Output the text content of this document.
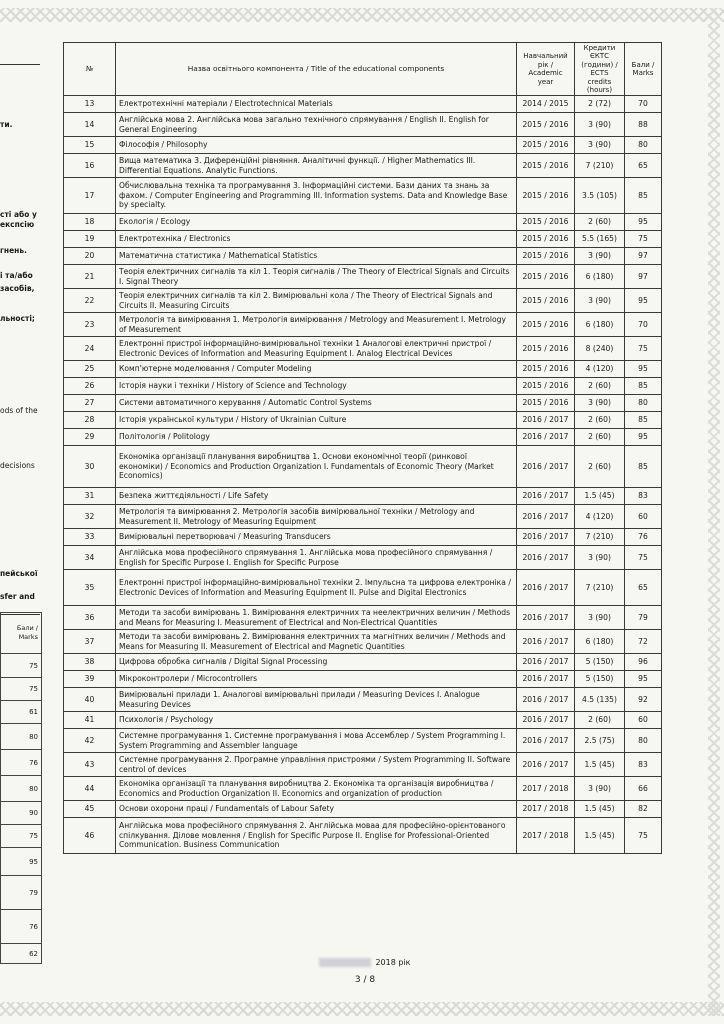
ти.
сті або у
експсію
гнень.
і та/або
засобів,
льності;
ods of the
decisions
пейської
sfer and
Бали / Marks
75
75
61
80
76
80
90
75
95
79
76
62
№	Назва освітнього компонента / Title of the educational components	Навчальний рік / Academic year	Кредити ЄКТС (години) / ECTS credits (hours)	Бали / Marks
13	Електротехнічні матеріали / Electrotechnical Materials	2014 / 2015	2 (72)	70
14	Англійська мова 2. Англійська мова загально технічного спрямування / English II. English for General Engineering	2015 / 2016	3 (90)	88
15	Філософія / Philosophy	2015 / 2016	3 (90)	80
16	Вища математика 3. Диференційні рівняння. Аналітичні функції. / Higher Mathematics III. Differential Equations. Analytic Functions.	2015 / 2016	7 (210)	65
17	Обчислювальна техніка та програмування 3. Інформаційні системи. Бази даних та знань за фахом. / Computer Engineering and Programming III. Information systems. Data and Knowledge Base by specialty.	2015 / 2016	3.5 (105)	85
18	Екологія / Ecology	2015 / 2016	2 (60)	95
19	Електротехніка / Electronics	2015 / 2016	5.5 (165)	75
20	Математична статистика / Mathematical Statistics	2015 / 2016	3 (90)	97
21	Теорія електричних сигналів та кіл 1. Теорія сигналів / The Theory of Electrical Signals and Circuits I. Signal Theory	2015 / 2016	6 (180)	97
22	Теорія електричних сигналів та кіл 2. Вимірювальні кола / The Theory of Electrical Signals and Circuits II. Measuring Circuits	2015 / 2016	3 (90)	95
23	Метрологія та вимірювання 1. Метрологія вимірювання / Metrology and Measurement I. Metrology of Measurement	2015 / 2016	6 (180)	70
24	Електронні пристрої інформаційно-вимірювальної техніки 1 Аналогові електричні пристрої / Electronic Devices of Information and Measuring Equipment I. Analog Electrical Devices	2015 / 2016	8 (240)	75
25	Комп'ютерне моделювання / Computer Modeling	2015 / 2016	4 (120)	95
26	Історія науки і техніки / History of Science and Technology	2015 / 2016	2 (60)	85
27	Системи автоматичного керування / Automatic Control Systems	2015 / 2016	3 (90)	80
28	Історія української культури / History of Ukrainian Culture	2016 / 2017	2 (60)	85
29	Політологія / Politology	2016 / 2017	2 (60)	95
30	Економіка організації планування виробництва 1. Основи економічної теорії (ринкової економіки) / Economics and Production Organization I. Fundamentals of Economic Theory (Market Economics)	2016 / 2017	2 (60)	85
31	Безпека життєдіяльності / Life Safety	2016 / 2017	1.5 (45)	83
32	Метрологія та вимірювання 2. Метрологія засобів вимірювальної техніки / Metrology and Measurement II. Metrology of Measuring Equipment	2016 / 2017	4 (120)	60
33	Вимірювальні перетворювачі / Measuring Transducers	2016 / 2017	7 (210)	76
34	Англійська мова професійного спрямування 1. Англійська мова професійного спрямування / English for Specific Purpose I. English for Specific Purpose	2016 / 2017	3 (90)	75
35	Електронні пристрої інформаційно-вимірювальної техніки 2. Імпульсна та цифрова електроніка / Electronic Devices of Information and Measuring Equipment II. Pulse and Digital Electronics	2016 / 2017	7 (210)	65
36	Методи та засоби вимірювань 1. Вимірювання електричних та неелектричних величин / Methods and Means for Measuring I. Measurement of Electrical and Non-Electrical Quantities	2016 / 2017	3 (90)	79
37	Методи та засоби вимірювань 2. Вимірювання електричних та магнітних величин / Methods and Means for Measuring II. Measurement of Electrical and Magnetic Quantities	2016 / 2017	6 (180)	72
38	Цифрова обробка сигналів / Digital Signal Processing	2016 / 2017	5 (150)	96
39	Мікроконтролери / Microcontrollers	2016 / 2017	5 (150)	95
40	Вимірювальні прилади 1. Аналогові вимірювальні прилади / Measuring Devices I. Analogue Measuring Devices	2016 / 2017	4.5 (135)	92
41	Психологія / Psychology	2016 / 2017	2 (60)	60
42	Системне програмування 1. Системне програмування і мова Ассемблер / System Programming I. System Programming and Assembler language	2016 / 2017	2.5 (75)	80
43	Системне програмування 2. Програмне управління пристроями / System Programming II. Software centrol of devices	2016 / 2017	1.5 (45)	83
44	Економіка організації та планування виробництва 2. Економіка та організація виробництва / Economics and Production Organization II. Economics and organization of production	2017 / 2018	3 (90)	66
45	Основи охорони праці / Fundamentals of Labour Safety	2017 / 2018	1.5 (45)	82
46	Англійська мова професійного спрямування 2. Англійська моваа для професійно-орієнтованого спілкування. Ділове мовлення / English for Specific Purpose II. Englise for Professional-Oriented Communication. Business Communication	2017 / 2018	1.5 (45)	75
2018 рік
3 / 8
